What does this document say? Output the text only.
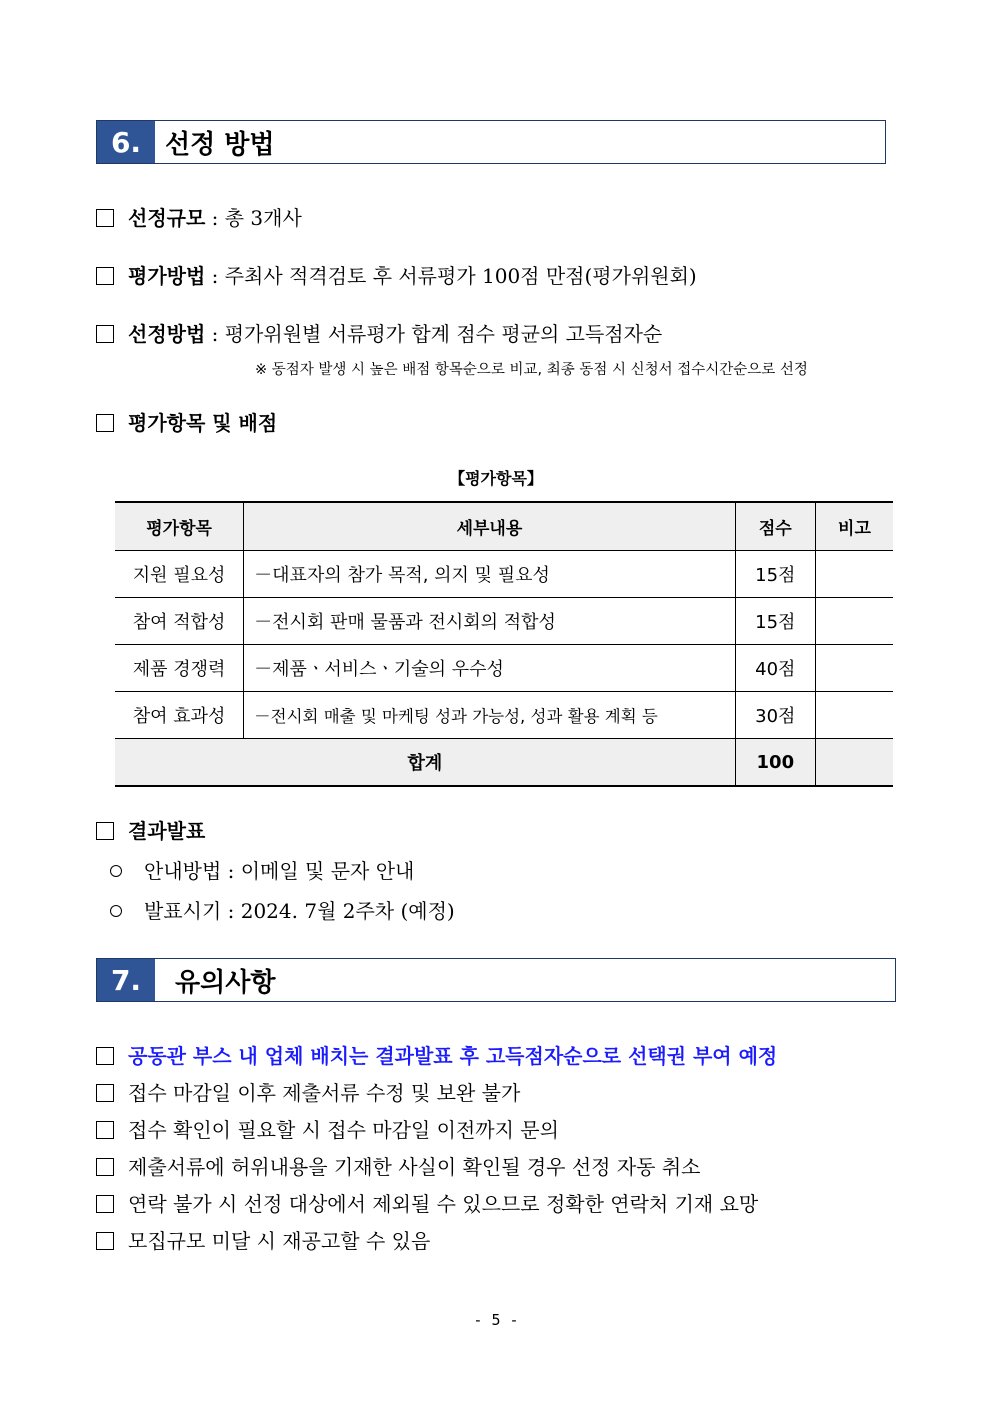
6. 선정 방법
선정규모 : 총 3개사
평가방법 : 주최사 적격검토 후 서류평가 100점 만점(평가위원회)
선정방법 : 평가위원별 서류평가 합계 점수 평균의 고득점자순
※ 동점자 발생 시 높은 배점 항목순으로 비교, 최종 동점 시 신청서 접수시간순으로 선정
평가항목 및 배점
【평가항목】
평가항목	세부내용	점수	비고
지원 필요성	－대표자의 참가 목적, 의지 및 필요성	15점	
참여 적합성	－전시회 판매 물품과 전시회의 적합성	15점	
제품 경쟁력	－제품ㆍ서비스ㆍ기술의 우수성	40점	
참여 효과성	－전시회 매출 및 마케팅 성과 가능성, 성과 활용 계획 등	30점	
합계		100	
결과발표
안내방법 : 이메일 및 문자 안내
발표시기 : 2024. 7월 2주차 (예정)
7.	유의사항
공동관 부스 내 업체 배치는 결과발표 후 고득점자순으로 선택권 부여 예정
접수 마감일 이후 제출서류 수정 및 보완 불가
접수 확인이 필요할 시 접수 마감일 이전까지 문의
제출서류에 허위내용을 기재한 사실이 확인될 경우 선정 자동 취소
연락 불가 시 선정 대상에서 제외될 수 있으므로 정확한 연락처 기재 요망
모집규모 미달 시 재공고할 수 있음
- 5 -
